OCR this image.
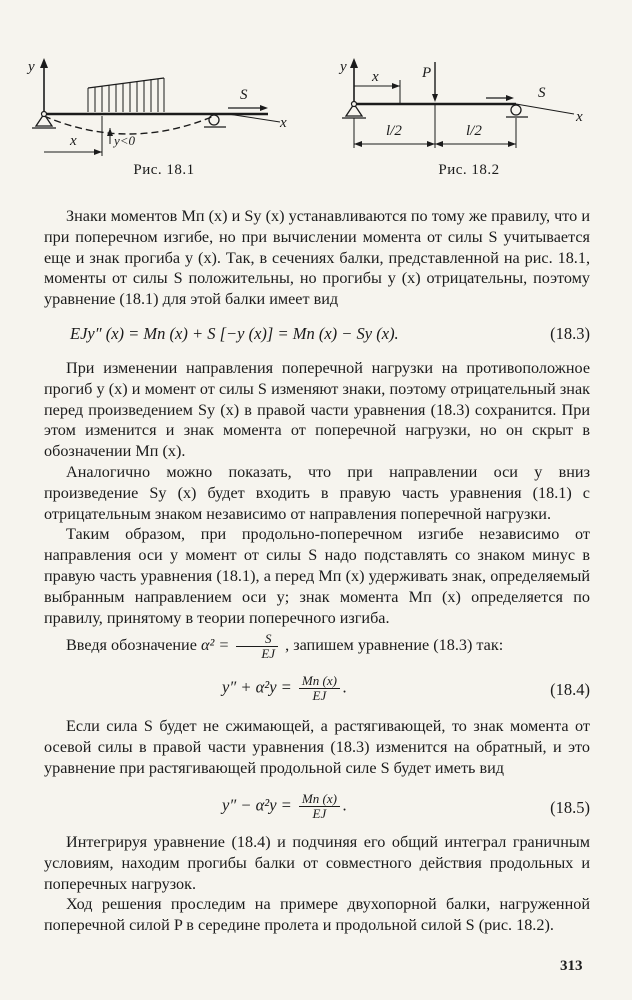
y
x
S
x	y<0
Рис. 18.1
y
x
S
P
x
l/2	l/2
Рис. 18.2

Знаки моментов Mп (x) и Sy (x) устанавливаются по тому же правилу, что и при поперечном изгибе, но при вычислении момента от силы S учитывается еще и знак прогиба y (x). Так, в сечениях балки, представленной на рис. 18.1, моменты от силы S положительны, но прогибы y (x) отрицательны, поэтому уравнение (18.1) для этой балки имеет вид

EJy″ (x) = Mп (x) + S [−y (x)] = Mп (x) − Sy (x).	(18.3)

При изменении направления поперечной нагрузки на противоположное прогиб y (x) и момент от силы S изменяют знаки, поэтому отрицательный знак перед произведением Sy (x) в правой части уравнения (18.3) сохранится. При этом изменится и знак момента от поперечной нагрузки, но он скрыт в обозначении Mп (x).

Аналогично можно показать, что при направлении оси y вниз произведение Sy (x) будет входить в правую часть уравнения (18.1) с отрицательным знаком независимо от направления поперечной нагрузки.

Таким образом, при продольно-поперечном изгибе независимо от направления оси y момент от силы S надо подставлять со знаком минус в правую часть уравнения (18.1), а перед Mп (x) удерживать знак, определяемый выбранным направлением оси y; знак момента Mп (x) определяется по правилу, принятому в теории поперечного изгиба.

Введя обозначение $\alpha^2 = \frac{S}{EJ}$ , запишем уравнение (18.3) так:

$y'' + \alpha^2y = \frac{Mп (x)}{EJ}$ .	(18.4)

Если сила S будет не сжимающей, а растягивающей, то знак момента от осевой силы в правой части уравнения (18.3) изменится на обратный, и это уравнение при растягивающей продольной силе S будет иметь вид

$y'' - \alpha^2y = \frac{Mп (x)}{EJ}$ .	(18.5)

Интегрируя уравнение (18.4) и подчиняя его общий интеграл граничным условиям, находим прогибы балки от совместного действия продольных и поперечных нагрузок.

Ход решения проследим на примере двухопорной балки, нагруженной поперечной силой P в середине пролета и продольной силой S (рис. 18.2).

313
